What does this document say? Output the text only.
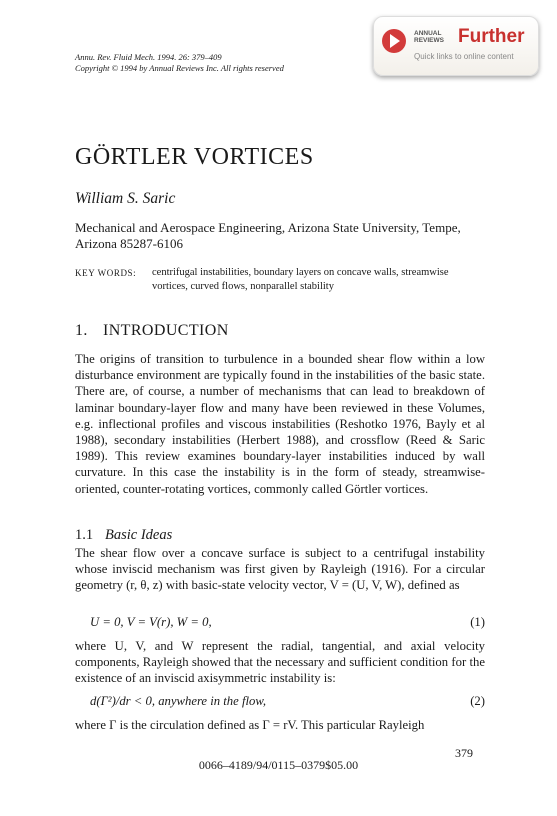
Annu. Rev. Fluid Mech. 1994. 26: 379–409
Copyright © 1994 by Annual Reviews Inc. All rights reserved
ANNUAL REVIEWS Further
Quick links to online content
GÖRTLER VORTICES
William S. Saric
Mechanical and Aerospace Engineering, Arizona State University, Tempe, Arizona 85287-6106
KEY WORDS: centrifugal instabilities, boundary layers on concave walls, streamwise vortices, curved flows, nonparallel stability
1. INTRODUCTION
The origins of transition to turbulence in a bounded shear flow within a low disturbance environment are typically found in the instabilities of the basic state. There are, of course, a number of mechanisms that can lead to breakdown of laminar boundary-layer flow and many have been reviewed in these Volumes, e.g. inflectional profiles and viscous instabilities (Reshotko 1976, Bayly et al 1988), secondary instabilities (Herbert 1988), and crossflow (Reed & Saric 1989). This review examines boundary-layer instabilities induced by wall curvature. In this case the instability is in the form of steady, streamwise-oriented, counter-rotating vortices, commonly called Görtler vortices.
1.1 Basic Ideas
The shear flow over a concave surface is subject to a centrifugal instability whose inviscid mechanism was first given by Rayleigh (1916). For a circular geometry (r, θ, z) with basic-state velocity vector, V = (U, V, W), defined as
U = 0, V = V(r), W = 0,	(1)
where U, V, and W represent the radial, tangential, and axial velocity components, Rayleigh showed that the necessary and sufficient condition for the existence of an inviscid axisymmetric instability is:
d(Γ²)/dr < 0, anywhere in the flow,	(2)
where Γ is the circulation defined as Γ = rV. This particular Rayleigh
379
0066–4189/94/0115–0379$05.00
